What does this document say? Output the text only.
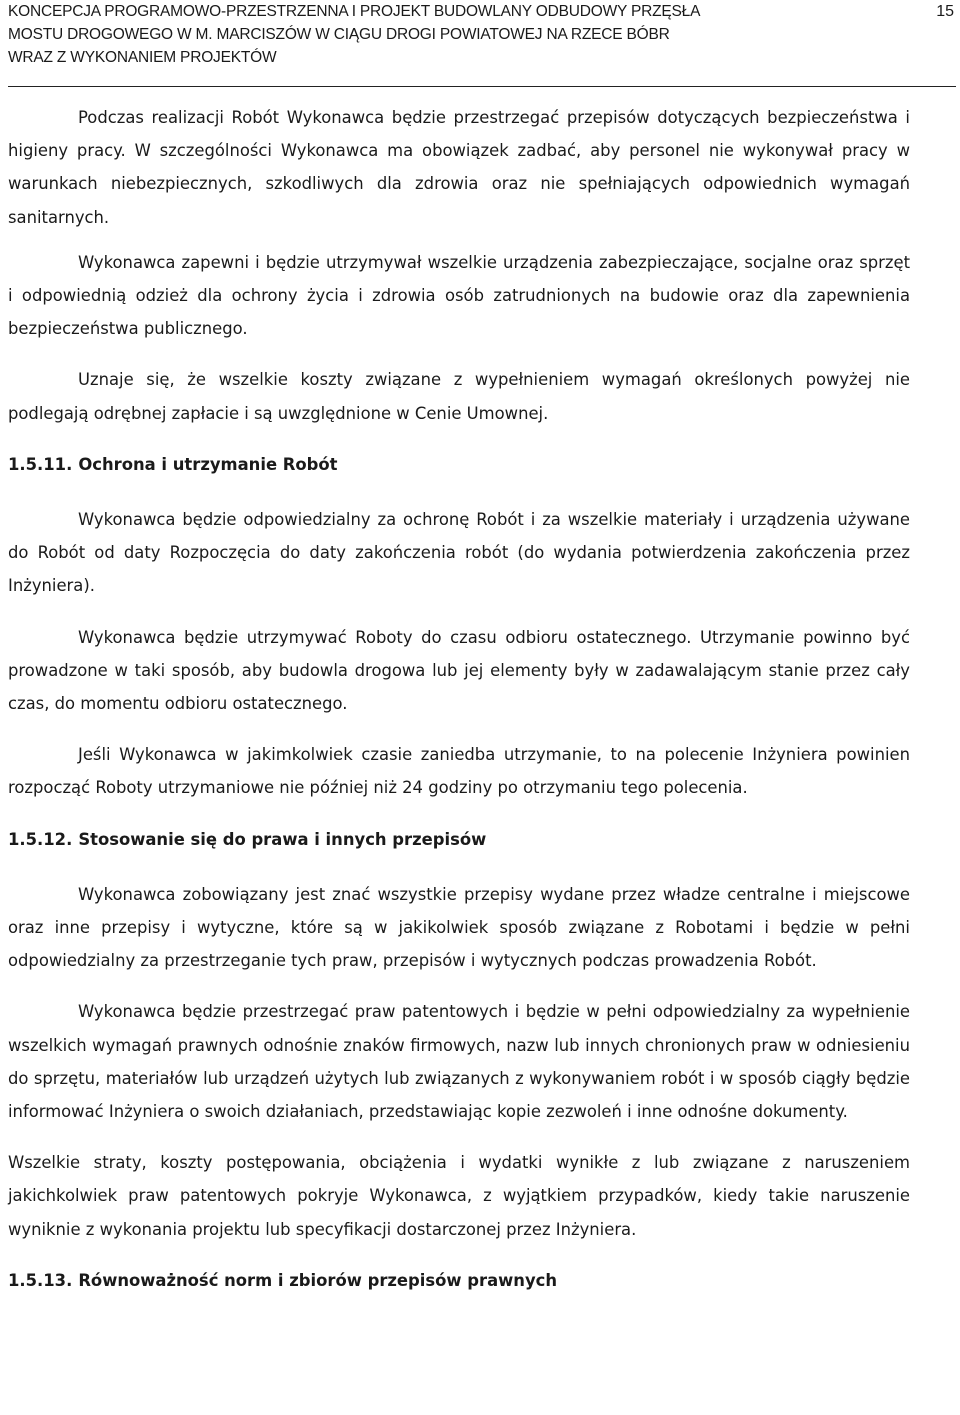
KONCEPCJA PROGRAMOWO-PRZESTRZENNA I PROJEKT BUDOWLANY ODBUDOWY PRZĘSŁA
MOSTU DROGOWEGO W M. MARCISZÓW W CIĄGU DROGI POWIATOWEJ NA RZECE BÓBR
WRAZ Z WYKONANIEM PROJEKTÓW
15

Podczas realizacji Robót Wykonawca będzie przestrzegać przepisów dotyczących bezpieczeństwa i higieny pracy. W szczególności Wykonawca ma obowiązek zadbać, aby personel nie wykonywał pracy w warunkach niebezpiecznych, szkodliwych dla zdrowia oraz nie spełniających odpowiednich wymagań sanitarnych.

Wykonawca zapewni i będzie utrzymywał wszelkie urządzenia zabezpieczające, socjalne oraz sprzęt i odpowiednią odzież dla ochrony życia i zdrowia osób zatrudnionych na budowie oraz dla zapewnienia bezpieczeństwa publicznego.

Uznaje się, że wszelkie koszty związane z wypełnieniem wymagań określonych powyżej nie podlegają odrębnej zapłacie i są uwzględnione w Cenie Umownej.

1.5.11. Ochrona i utrzymanie Robót

Wykonawca będzie odpowiedzialny za ochronę Robót i za wszelkie materiały i urządzenia używane do Robót od daty Rozpoczęcia do daty zakończenia robót (do wydania potwierdzenia zakończenia przez Inżyniera).

Wykonawca będzie utrzymywać Roboty do czasu odbioru ostatecznego. Utrzymanie powinno być prowadzone w taki sposób, aby budowla drogowa lub jej elementy były w zadawalającym stanie przez cały czas, do momentu odbioru ostatecznego.

Jeśli Wykonawca w jakimkolwiek czasie zaniedba utrzymanie, to na polecenie Inżyniera powinien rozpocząć Roboty utrzymaniowe nie później niż 24 godziny po otrzymaniu tego polecenia.

1.5.12. Stosowanie się do prawa i innych przepisów

Wykonawca zobowiązany jest znać wszystkie przepisy wydane przez władze centralne i miejscowe oraz inne przepisy i wytyczne, które są w jakikolwiek sposób związane z Robotami i będzie w pełni odpowiedzialny za przestrzeganie tych praw, przepisów i wytycznych podczas prowadzenia Robót.

Wykonawca będzie przestrzegać praw patentowych i będzie w pełni odpowiedzialny za wypełnienie wszelkich wymagań prawnych odnośnie znaków firmowych, nazw lub innych chronionych praw w odniesieniu do sprzętu, materiałów lub urządzeń użytych lub związanych z wykonywaniem robót i w sposób ciągły będzie informować Inżyniera o swoich działaniach, przedstawiając kopie zezwoleń i inne odnośne dokumenty.

Wszelkie straty, koszty postępowania, obciążenia i wydatki wynikłe z lub związane z naruszeniem jakichkolwiek praw patentowych pokryje Wykonawca, z wyjątkiem przypadków, kiedy takie naruszenie wyniknie z wykonania projektu lub specyfikacji dostarczonej przez Inżyniera.

1.5.13. Równoważność norm i zbiorów przepisów prawnych
